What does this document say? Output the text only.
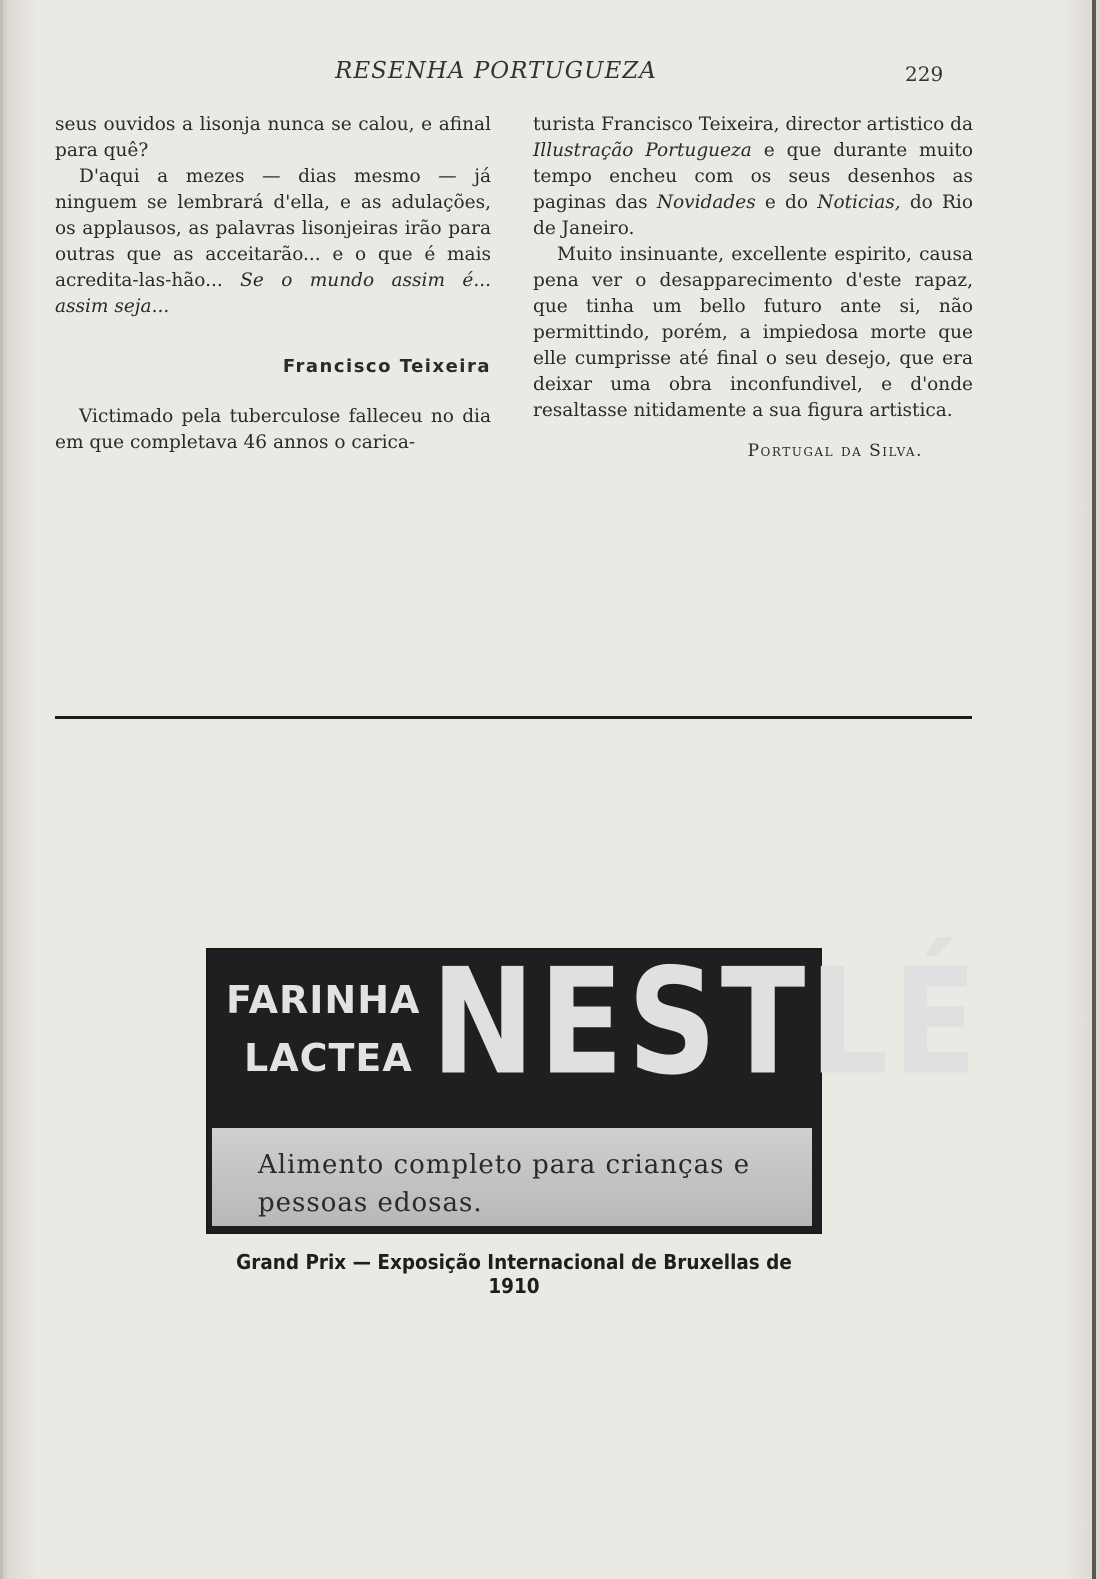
RESENHA PORTUGUEZA	229

seus ouvidos a lisonja nunca se calou, e afinal para quê?

D'aqui a mezes — dias mesmo — já ninguem se lembrará d'ella, e as adulações, os applausos, as palavras lisonjeiras irão para outras que as acceitarão... e o que é mais acredita-las-hão... Se o mundo assim é... assim seja...

Francisco Teixeira

Victimado pela tuberculose falleceu no dia em que completava 46 annos o carica-

turista Francisco Teixeira, director artistico da Illustração Portugueza e que durante muito tempo encheu com os seus desenhos as paginas das Novidades e do Noticias, do Rio de Janeiro.

Muito insinuante, excellente espirito, causa pena ver o desapparecimento d'este rapaz, que tinha um bello futuro ante si, não permittindo, porém, a impiedosa morte que elle cumprisse até final o seu desejo, que era deixar uma obra inconfundivel, e d'onde resaltasse nitidamente a sua figura artistica.

Portugal da Silva.
FARINHA
LACTEA NESTLÉ
Alimento completo para crianças e pessoas edosas.
Grand Prix — Exposição Internacional de Bruxellas de 1910
